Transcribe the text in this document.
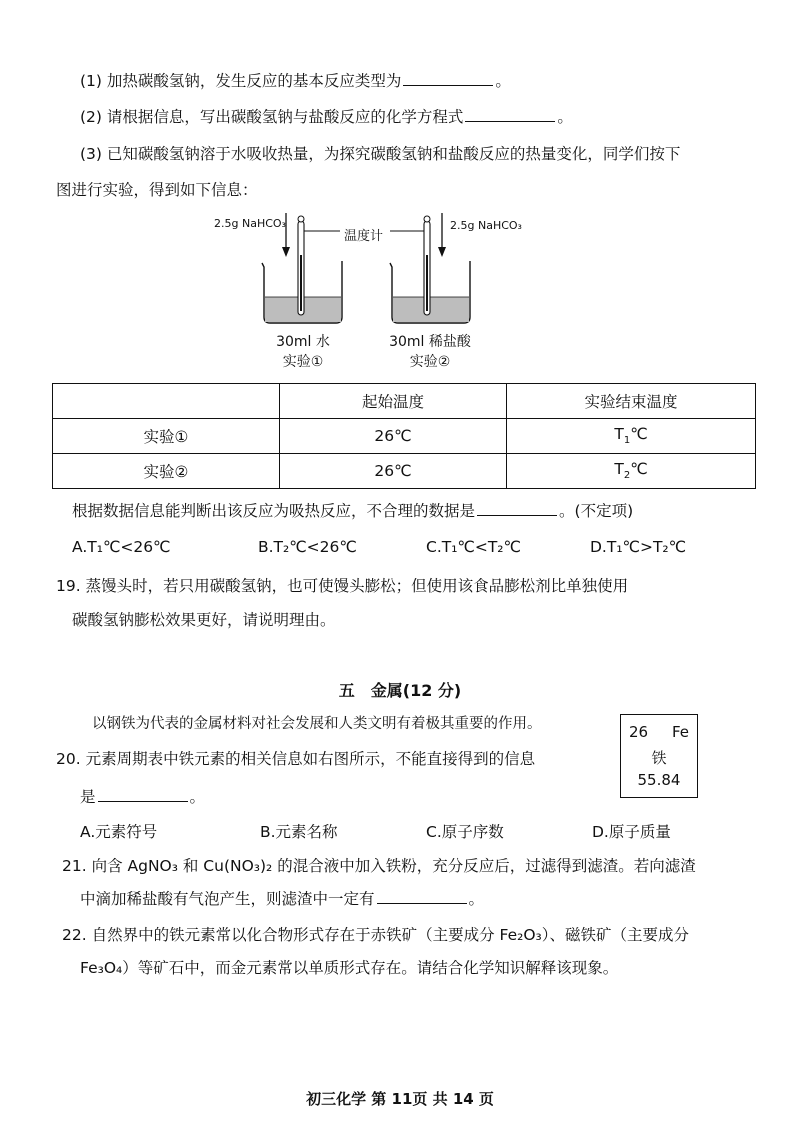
(1) 加热碳酸氢钠，发生反应的基本反应类型为	。
(2) 请根据信息，写出碳酸氢钠与盐酸反应的化学方程式	。
(3) 已知碳酸氢钠溶于水吸收热量，为探究碳酸氢钠和盐酸反应的热量变化，同学们按下
图进行实验，得到如下信息：
2.5g NaHCO₃	2.5g NaHCO₃
温度计
30ml 水
实验①
30ml 稀盐酸
实验②
	起始温度	实验结束温度
实验①	26℃	$T_1℃$
实验②	26℃	$T_2℃$
根据数据信息能判断出该反应为吸热反应，不合理的数据是	。(不定项)
A.T₁℃<26℃	B.T₂℃<26℃	C.T₁℃<T₂℃	D.T₁℃>T₂℃
19. 蒸馒头时，若只用碳酸氢钠，也可使馒头膨松；但使用该食品膨松剂比单独使用
碳酸氢钠膨松效果更好，请说明理由。
五　金属(12 分)
以钢铁为代表的金属材料对社会发展和人类文明有着极其重要的作用。	26 Fe
铁
55.84
20. 元素周期表中铁元素的相关信息如右图所示，不能直接得到的信息
是	。
A.元素符号	B.元素名称	C.原子序数	D.原子质量
21. 向含 AgNO₃ 和 Cu(NO₃)₂ 的混合液中加入铁粉，充分反应后，过滤得到滤渣。若向滤渣
中滴加稀盐酸有气泡产生，则滤渣中一定有	。
22. 自然界中的铁元素常以化合物形式存在于赤铁矿（主要成分 Fe₂O₃）、磁铁矿（主要成分
Fe₃O₄）等矿石中，而金元素常以单质形式存在。请结合化学知识解释该现象。
初三化学 第 11页 共 14 页
